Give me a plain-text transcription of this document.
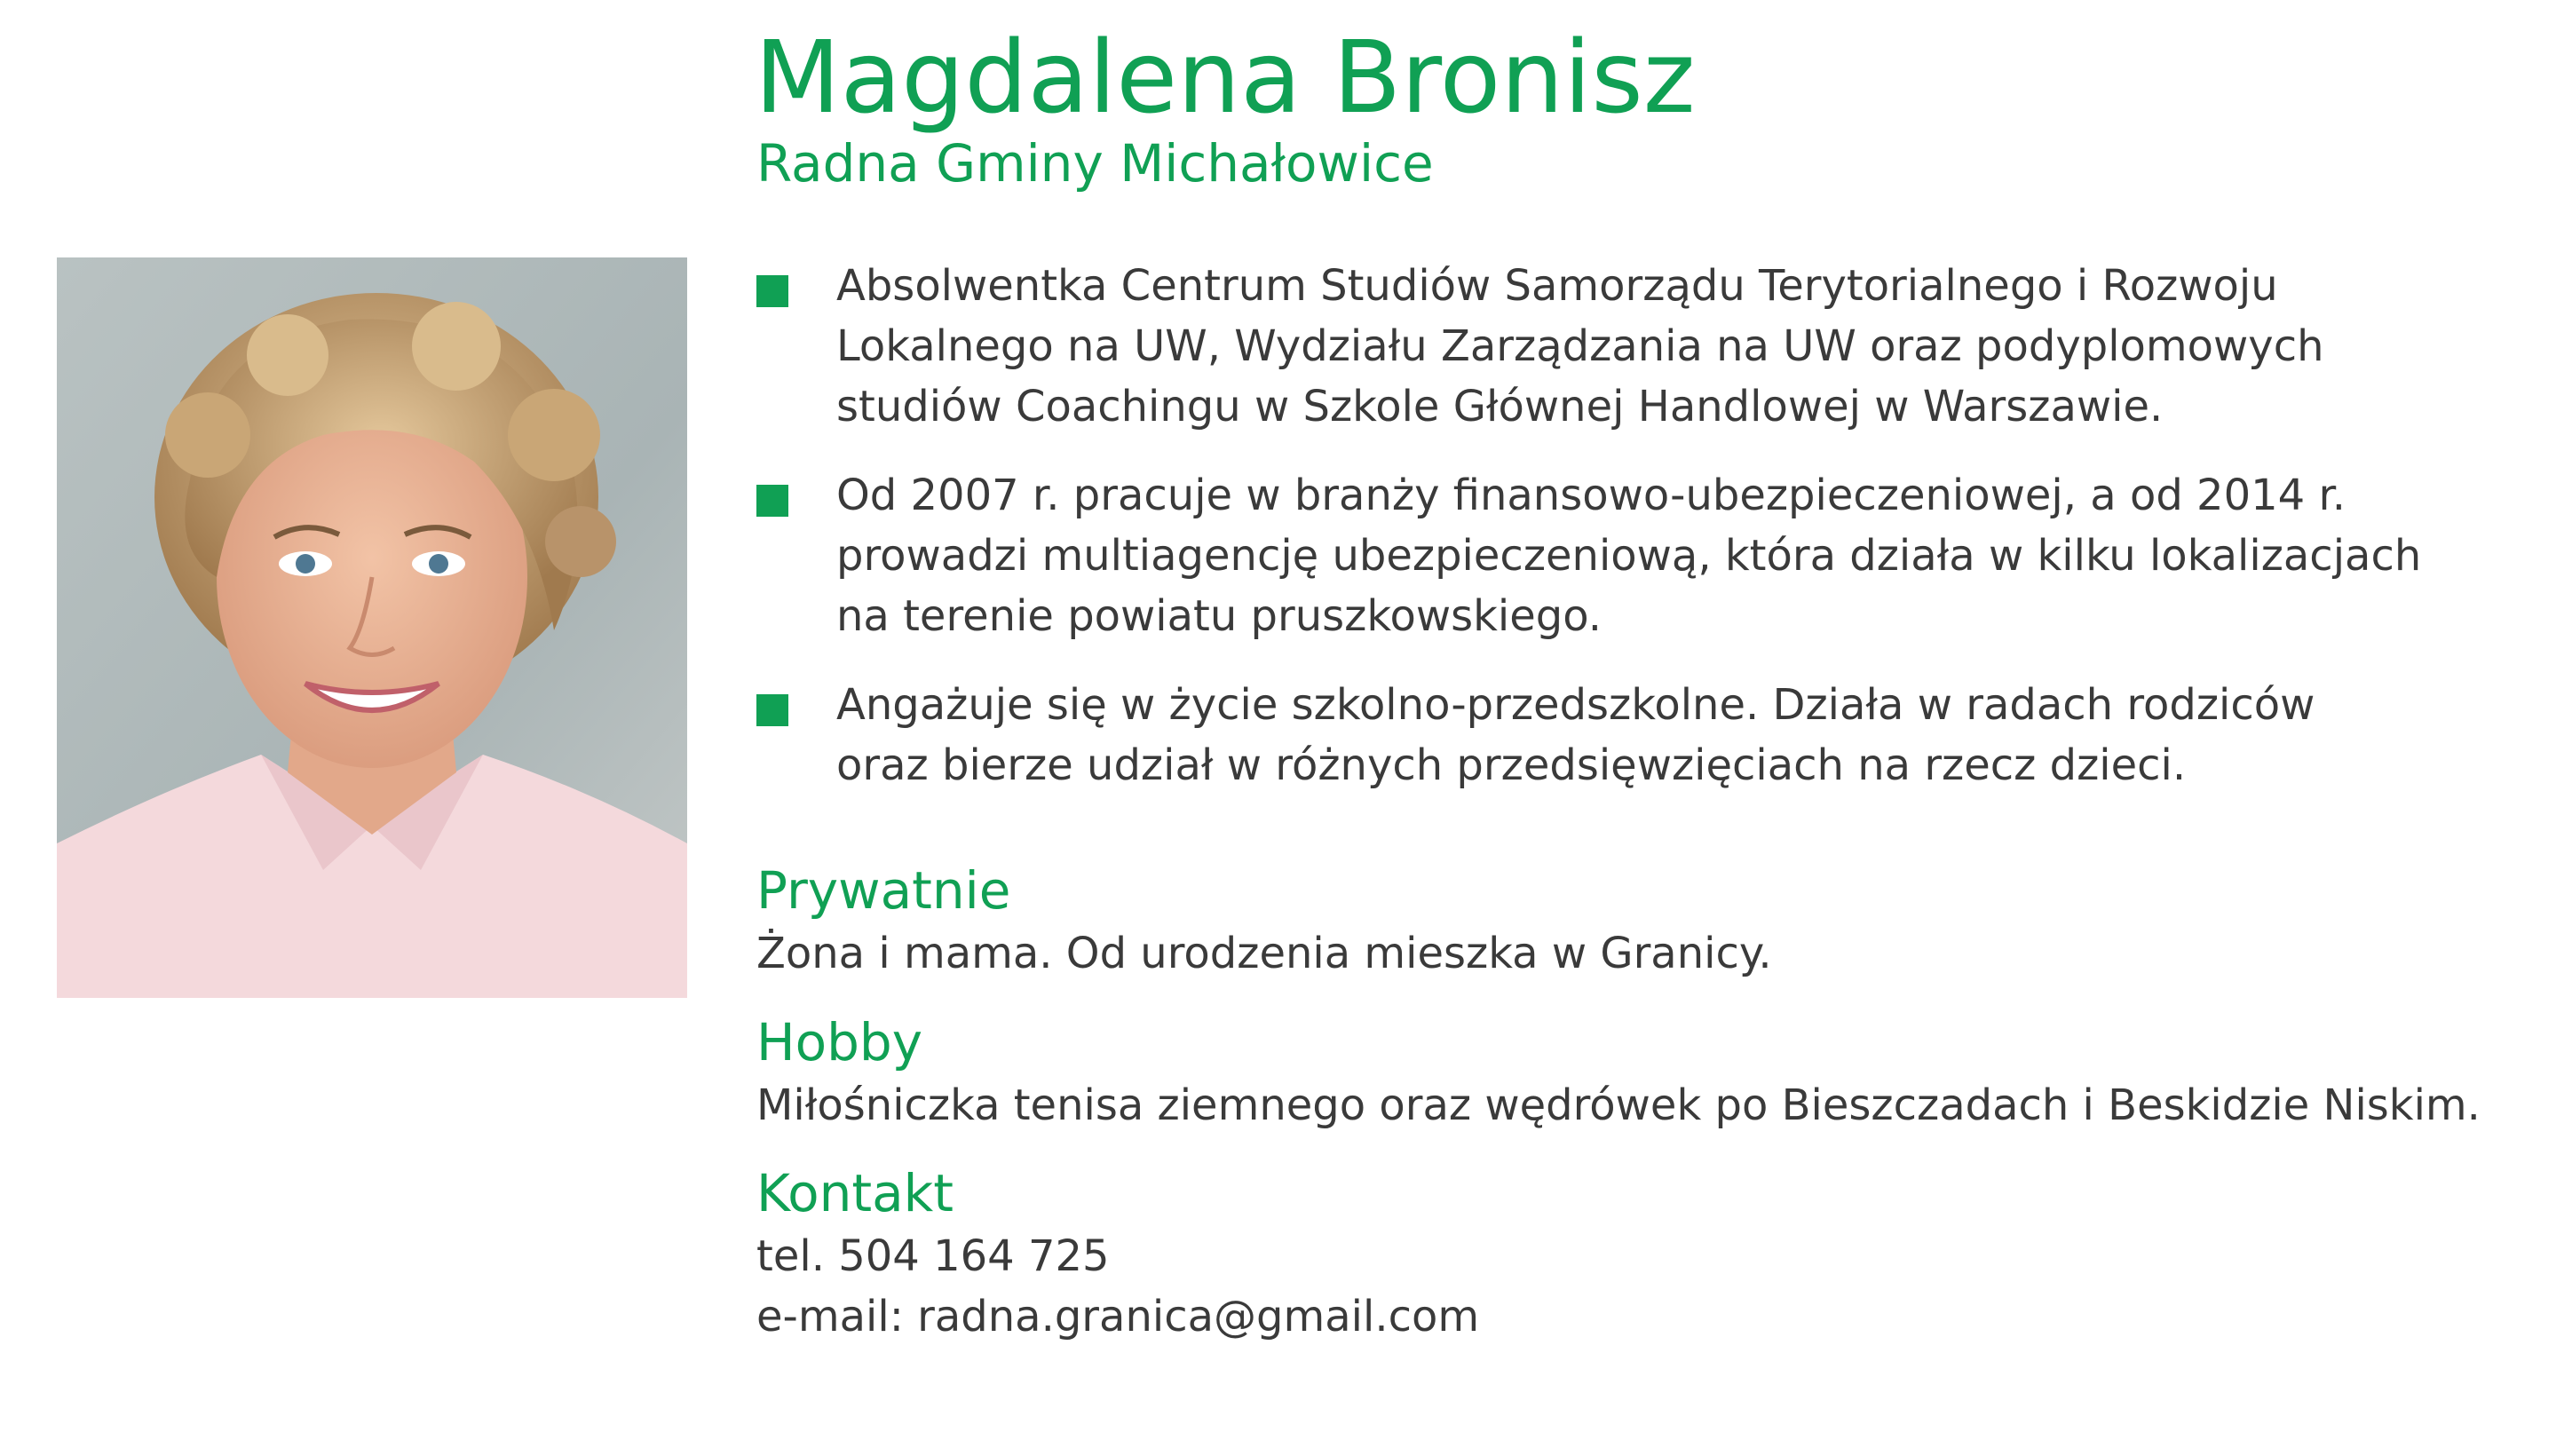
Magdalena Bronisz
Radna Gminy Michałowice
Absolwentka Centrum Studiów Samorządu Terytorialnego i Rozwoju
Lokalnego na UW, Wydziału Zarządzania na UW oraz podyplomowych
studiów Coachingu w Szkole Głównej Handlowej w Warszawie.
Od 2007 r. pracuje w branży finansowo-ubezpieczeniowej, a od 2014 r.
prowadzi multiagencję ubezpieczeniową, która działa w kilku lokalizacjach
na terenie powiatu pruszkowskiego.
Angażuje się w życie szkolno-przedszkolne. Działa w radach rodziców
oraz bierze udział w różnych przedsięwzięciach na rzecz dzieci.
Prywatnie
Żona i mama. Od urodzenia mieszka w Granicy.
Hobby
Miłośniczka tenisa ziemnego oraz wędrówek po Bieszczadach i Beskidzie Niskim.
Kontakt
tel. 504 164 725
e-mail: radna.granica@gmail.com
